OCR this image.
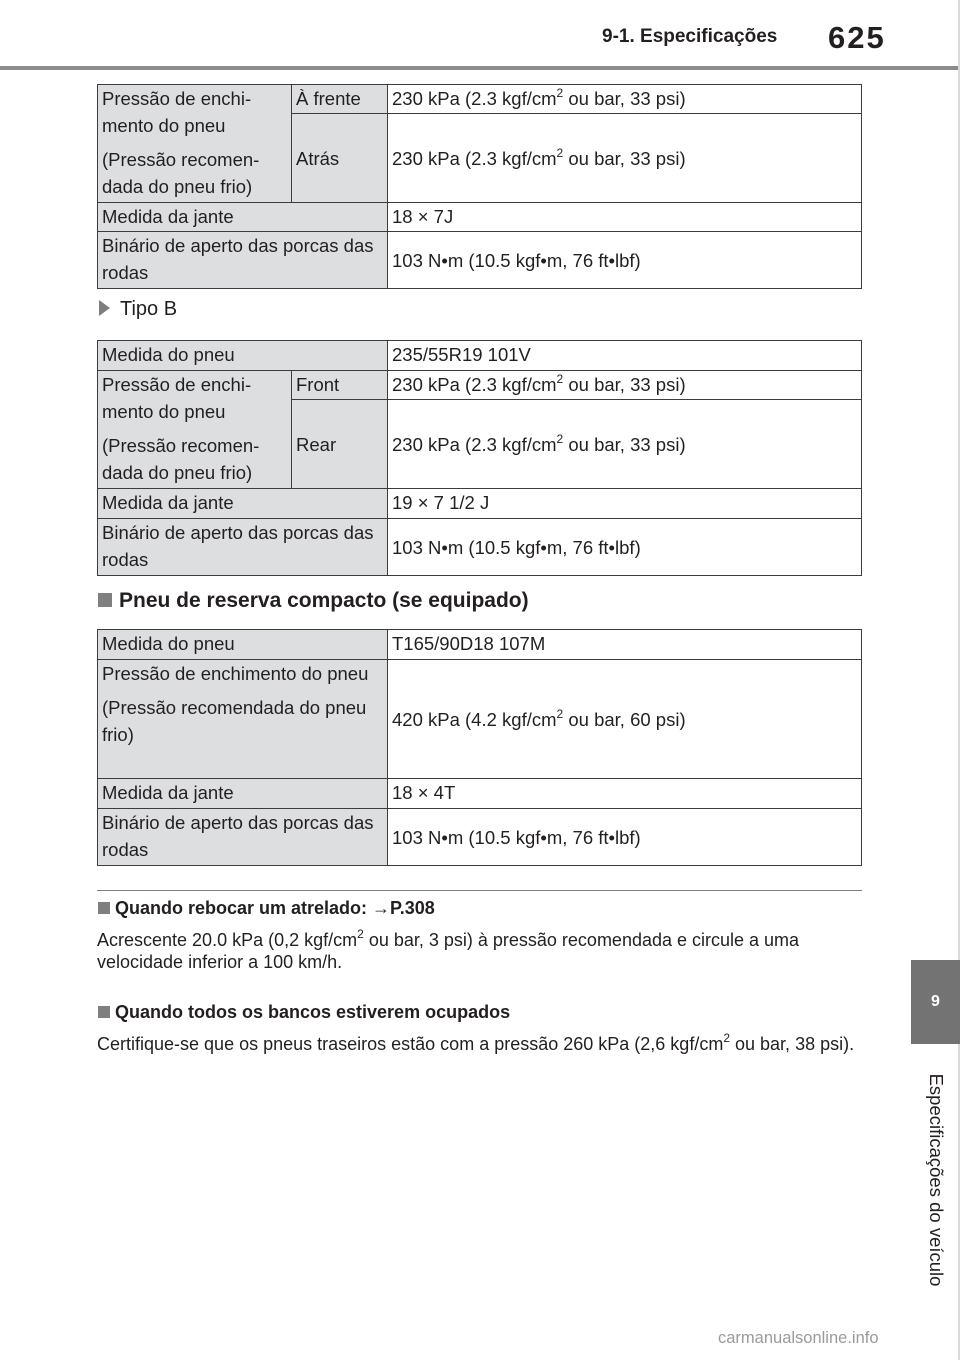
9-1. Especificações 625
9
Especificações do veículo

Pressão de enchi-mento do pneu

(Pressão recomen-dada do pneu frio)	À frente	230 kPa (2.3 kgf/$cm^2$ ou bar, 33 psi)
	Atrás	230 kPa (2.3 kgf/$cm^2$ ou bar, 33 psi)
Medida da jante		18 × 7J
Binário de aperto das porcas das rodas		103 N•m (10.5 kgf•m, 76 ft•lbf)
Tipo B
Medida do pneu		235/55R19 101V

Pressão de enchi-mento do pneu

(Pressão recomen-dada do pneu frio)	Front	230 kPa (2.3 kgf/$cm^2$ ou bar, 33 psi)
	Rear	230 kPa (2.3 kgf/$cm^2$ ou bar, 33 psi)
Medida da jante		19 × 7 1/2 J
Binário de aperto das porcas das rodas		103 N•m (10.5 kgf•m, 76 ft•lbf)
Pneu de reserva compacto (se equipado)
Medida do pneu	T165/90D18 107M

Pressão de enchimento do pneu

(Pressão recomendada do pneu frio)	420 kPa (4.2 kgf/$cm^2$ ou bar, 60 psi)
Medida da jante	18 × 4T
Binário de aperto das porcas das rodas	103 N•m (10.5 kgf•m, 76 ft•lbf)
Quando rebocar um atrelado: →P.308
Acrescente 20.0 kPa (0,2 kgf/$cm^2$ ou bar, 3 psi) à pressão recomendada e circule a uma velocidade inferior a 100 km/h.
Quando todos os bancos estiverem ocupados
Certifique-se que os pneus traseiros estão com a pressão 260 kPa (2,6 kgf/$cm^2$ ou bar, 38 psi).
carmanualsonline.info
